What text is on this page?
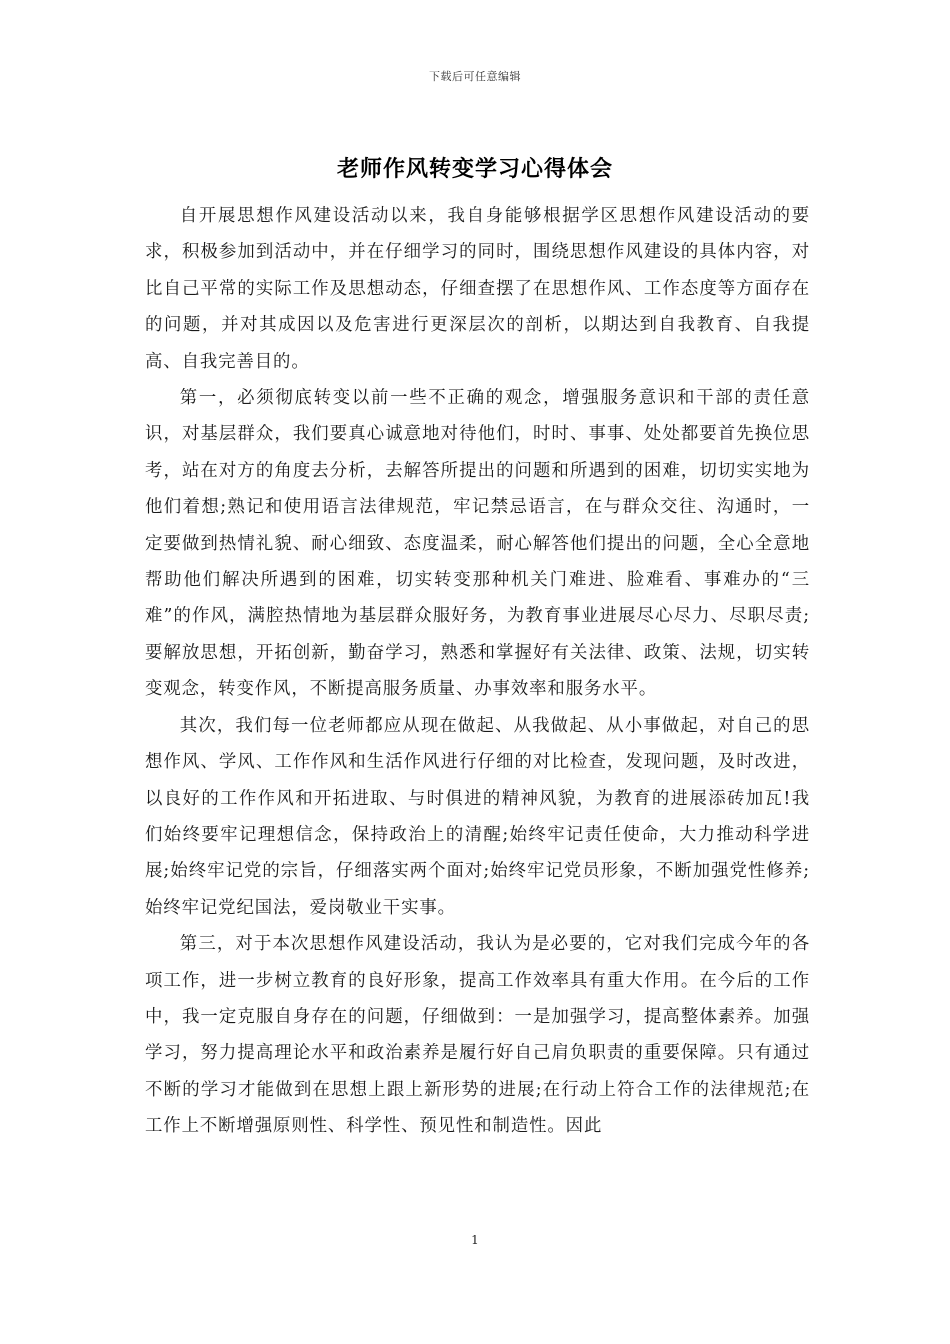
下载后可任意编辑
老师作风转变学习心得体会

自开展思想作风建设活动以来，我自身能够根据学区思想作风建设活动的要求，积极参加到活动中，并在仔细学习的同时，围绕思想作风建设的具体内容，对比自己平常的实际工作及思想动态，仔细查摆了在思想作风、工作态度等方面存在的问题，并对其成因以及危害进行更深层次的剖析，以期达到自我教育、自我提高、自我完善目的。

第一，必须彻底转变以前一些不正确的观念，增强服务意识和干部的责任意识，对基层群众，我们要真心诚意地对待他们，时时、事事、处处都要首先换位思考，站在对方的角度去分析，去解答所提出的问题和所遇到的困难，切切实实地为他们着想;熟记和使用语言法律规范，牢记禁忌语言，在与群众交往、沟通时，一定要做到热情礼貌、耐心细致、态度温柔，耐心解答他们提出的问题，全心全意地帮助他们解决所遇到的困难，切实转变那种机关门难进、脸难看、事难办的“三难”的作风，满腔热情地为基层群众服好务，为教育事业进展尽心尽力、尽职尽责;要解放思想，开拓创新，勤奋学习，熟悉和掌握好有关法律、政策、法规，切实转变观念，转变作风，不断提高服务质量、办事效率和服务水平。

其次，我们每一位老师都应从现在做起、从我做起、从小事做起，对自己的思想作风、学风、工作作风和生活作风进行仔细的对比检查，发现问题，及时改进，以良好的工作作风和开拓进取、与时俱进的精神风貌，为教育的进展添砖加瓦!我们始终要牢记理想信念，保持政治上的清醒;始终牢记责任使命，大力推动科学进展;始终牢记党的宗旨，仔细落实两个面对;始终牢记党员形象，不断加强党性修养;始终牢记党纪国法，爱岗敬业干实事。

第三，对于本次思想作风建设活动，我认为是必要的，它对我们完成今年的各项工作，进一步树立教育的良好形象，提高工作效率具有重大作用。在今后的工作中，我一定克服自身存在的问题，仔细做到：一是加强学习，提高整体素养。加强学习，努力提高理论水平和政治素养是履行好自己肩负职责的重要保障。只有通过不断的学习才能做到在思想上跟上新形势的进展;在行动上符合工作的法律规范;在工作上不断增强原则性、科学性、预见性和制造性。因此

1
